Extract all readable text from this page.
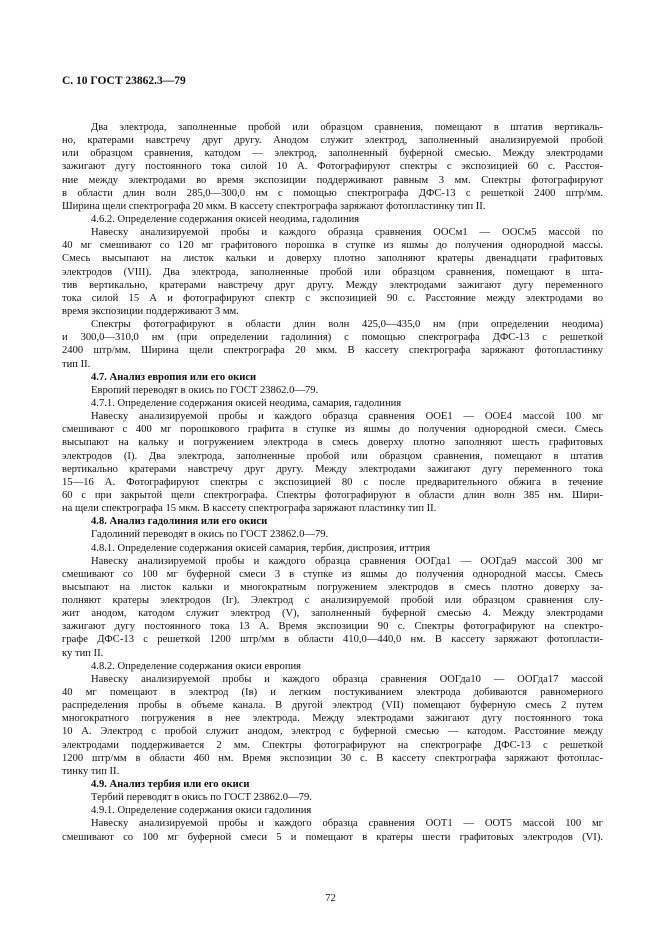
С. 10 ГОСТ 23862.3—79

Два электрода, заполненные пробой или образцом сравнения, помещают в штатив вертикаль-
но, кратерами навстречу друг другу. Анодом служит электрод, заполненный анализируемой пробой
или образцом сравнения, катодом — электрод, заполненный буферной смесью. Между электродами
зажигают дугу постоянного тока силой 10 А. Фотографируют спектры с экспозицией 60 с. Расстоя-
ние между электродами во время экспозиции поддерживают равным 3 мм. Спектры фотографируют
в области длин волн 285,0—300,0 нм с помощью спектрографа ДФС-13 с решеткой 2400 штр/мм.
Ширина щели спектрографа 20 мкм. В кассету спектрографа заряжают фотопластинку тип II.
4.6.2. Определение содержания окисей неодима, гадолиния
Навеску анализируемой пробы и каждого образца сравнения ООСм1 — ООСм5 массой по
40 мг смешивают со 120 мг графитового порошка в ступке из яшмы до получения однородной массы.
Смесь высыпают на листок кальки и доверху плотно заполняют кратеры двенадцати графитовых
электродов (VIII). Два электрода, заполненные пробой или образцом сравнения, помещают в шта-
тив вертикально, кратерами навстречу друг другу. Между электродами зажигают дугу переменного
тока силой 15 А и фотографируют спектр с экспозицией 90 с. Расстояние между электродами во
время экспозиции поддерживают 3 мм.
Спектры фотографируют в области длин волн 425,0—435,0 нм (при определении неодима)
и 300,0—310,0 нм (при определении гадолиния) с помощью спектрографа ДФС-13 с решеткой
2400 штр/мм. Ширина щели спектрографа 20 мкм. В кассету спектрографа заряжают фотопластинку
тип II.
4.7. Анализ европия или его окиси
Европий переводят в окись по ГОСТ 23862.0—79.
4.7.1. Определение содержания окисей неодима, самария, гадолиния
Навеску анализируемой пробы и каждого образца сравнения ООЕ1 — ООЕ4 массой 100 мг
смешивают с 400 мг порошкового графита в ступке из яшмы до получения однородной смеси. Смесь
высыпают на кальку и погружением электрода в смесь доверху плотно заполняют шесть графитовых
электродов (I). Два электрода, заполненные пробой или образцом сравнения, помещают в штатив
вертикально кратерами навстречу друг другу. Между электродами зажигают дугу переменного тока
15—16 А. Фотографируют спектры с экспозицией 80 с после предварительного обжига в течение
60 с при закрытой щели спектрографа. Спектры фотографируют в области длин волн 385 нм. Шири-
на щели спектрографа 15 мкм. В кассету спектрографа заряжают пластинку тип II.
4.8. Анализ гадолиния или его окиси
Гадолиний переводят в окись по ГОСТ 23862.0—79.
4.8.1. Определение содержания окисей самария, тербия, диспрозия, иттрия
Навеску анализируемой пробы и каждого образца сравнения ООГда1 — ООГда9 массой 300 мг
смешивают со 100 мг буферной смеси 3 в ступке из яшмы до получения однородной массы. Смесь
высыпают на листок кальки и многократным погружением электродов в смесь плотно доверху за-
полняют кратеры электродов (Iг). Электрод с анализируемой пробой или образцом сравнения слу-
жит анодом, катодом служит электрод (V), заполненный буферной смесью 4. Между электродами
зажигают дугу постоянного тока 13 А. Время экспозиции 90 с. Спектры фотографируют на спектро-
графе ДФС-13 с решеткой 1200 штр/мм в области 410,0—440,0 нм. В кассету заряжают фотопласти-
ку тип II.
4.8.2. Определение содержания окиси европия
Навеску анализируемой пробы и каждого образца сравнения ООГда10 — ООГда17 массой
40 мг помещают в электрод (Iв) и легким постукиванием электрода добиваются равномерного
распределения пробы в объеме канала. В другой электрод (VII) помещают буферную смесь 2 путем
многократного погружения в нее электрода. Между электродами зажигают дугу постоянного тока
10 А. Электрод с пробой служит анодом, электрод с буферной смесью — катодом. Расстояние между
электродами поддерживается 2 мм. Спектры фотографируют на спектрографе ДФС-13 с решеткой
1200 штр/мм в области 460 нм. Время экспозиции 30 с. В кассету спектрографа заряжают фотоплас-
тинку тип II.
4.9. Анализ тербия или его окиси
Тербий переводят в окись по ГОСТ 23862.0—79.
4.9.1. Определение содержания окиси гадолиния
Навеску анализируемой пробы и каждого образца сравнения ООТ1 — ООТ5 массой 100 мг
смешивают со 100 мг буферной смеси 5 и помещают в кратеры шести графитовых электродов (VI).

72
